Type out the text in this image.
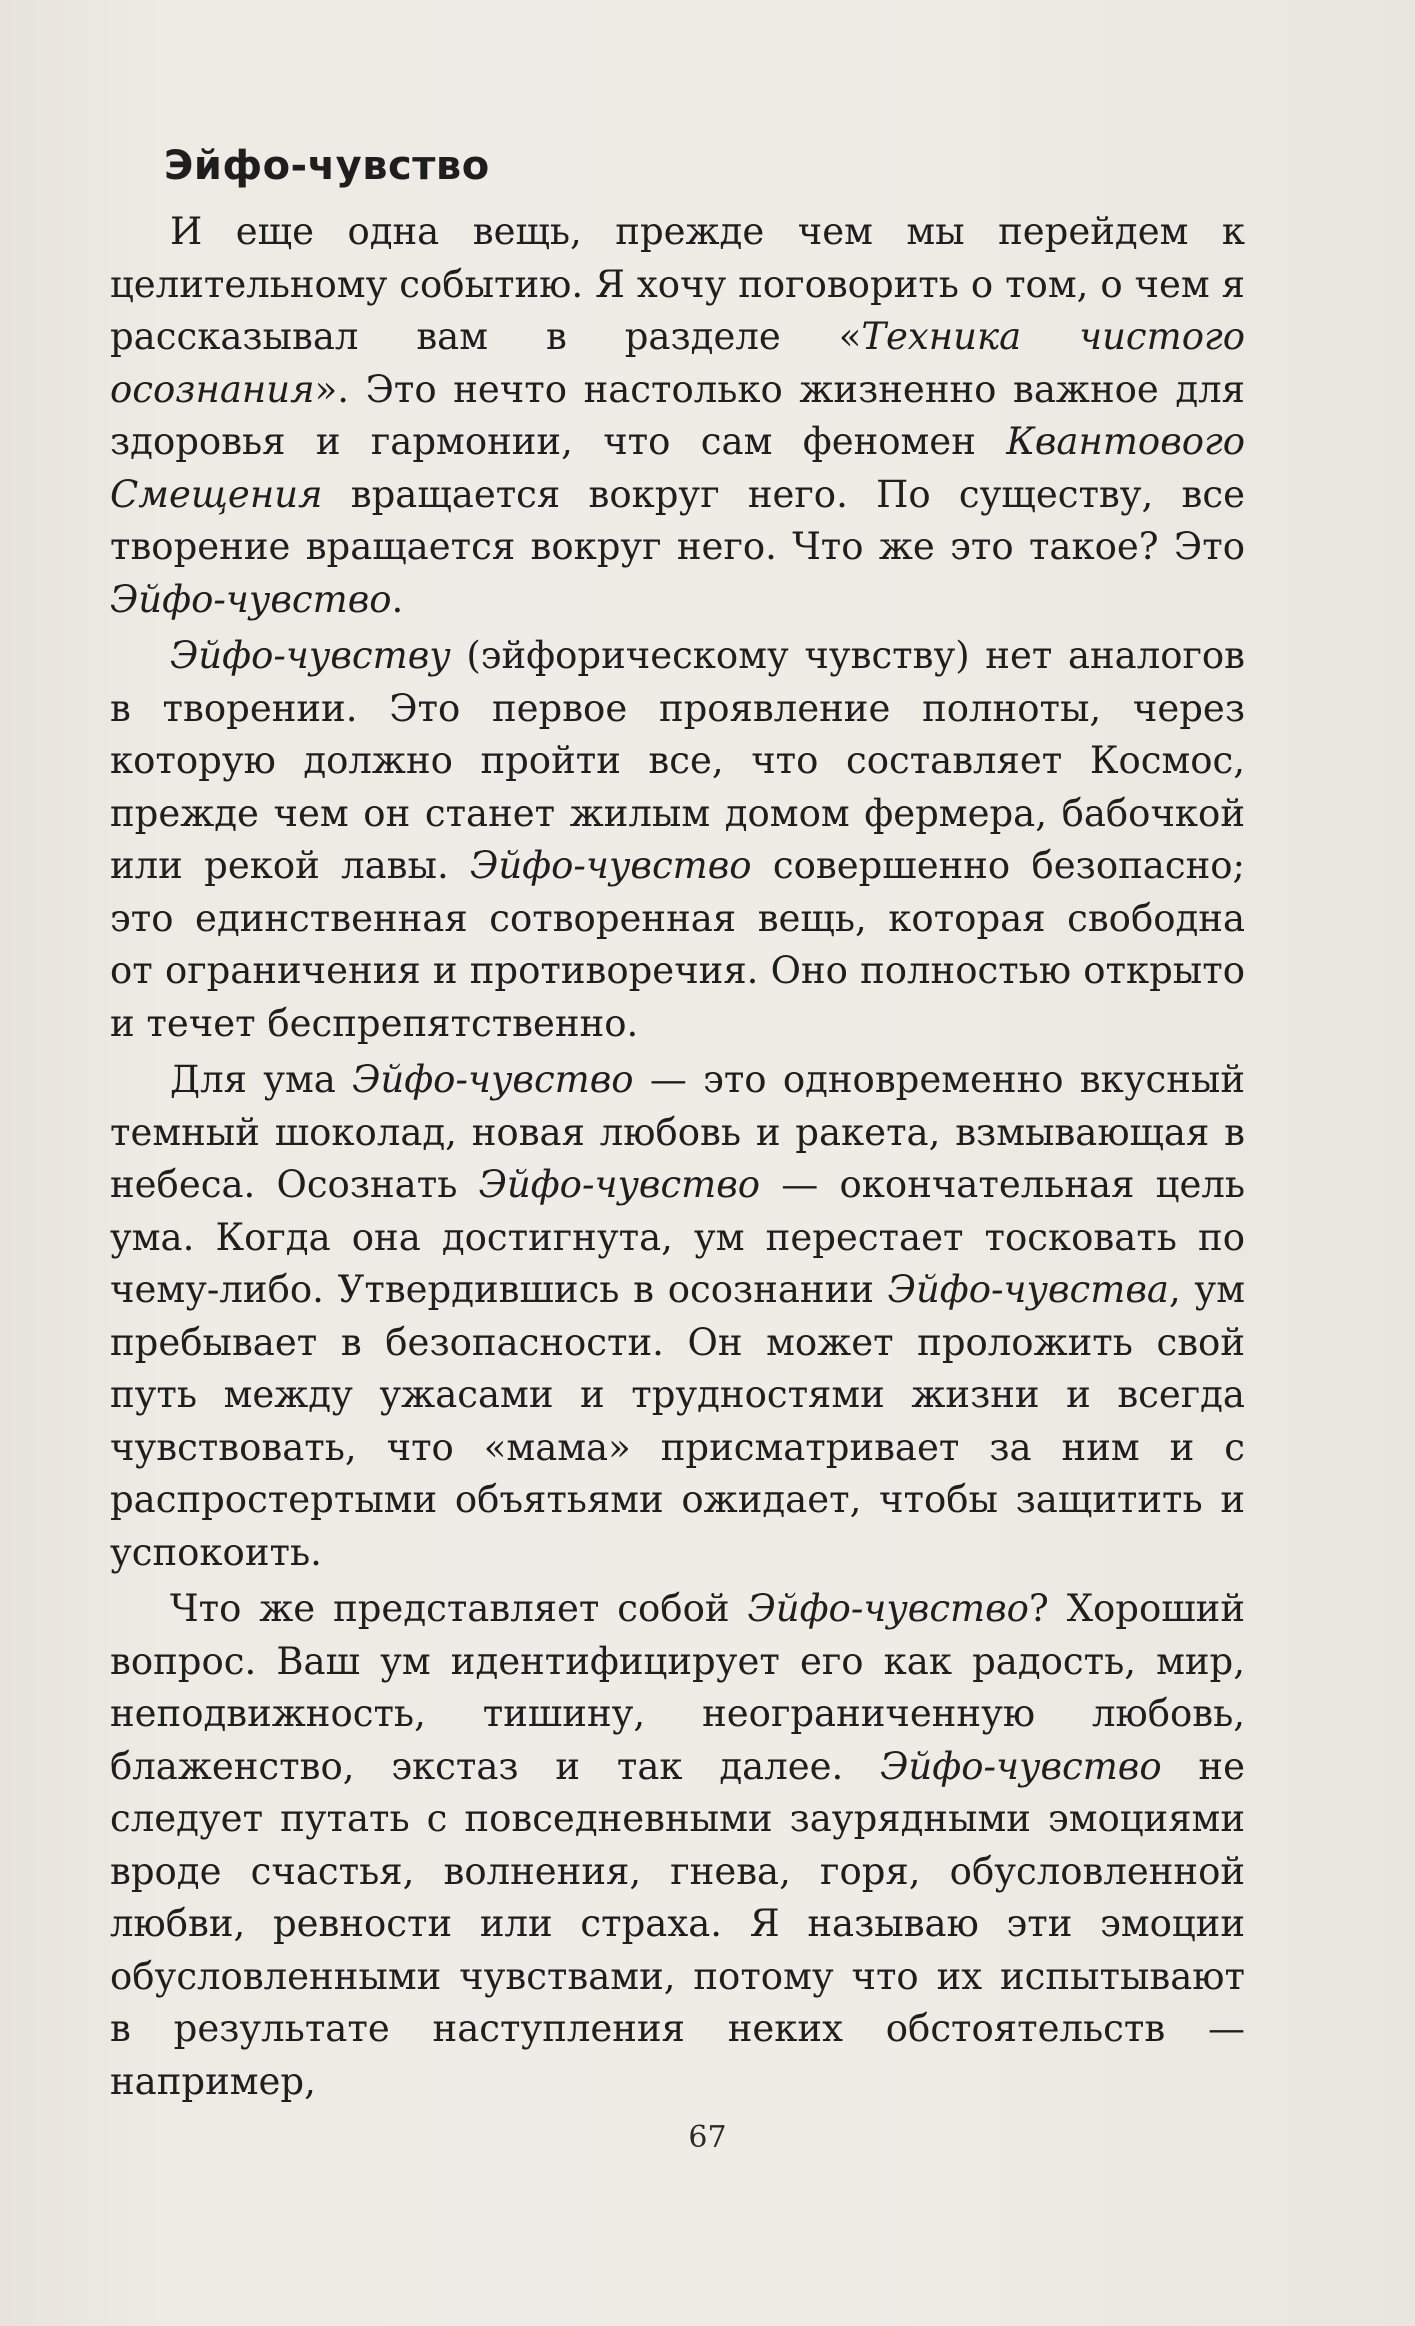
Эйфо-чувство

И еще одна вещь, прежде чем мы перейдем к целительному событию. Я хочу поговорить о том, о чем я рассказывал вам в разделе «Техника чистого осознания». Это нечто настолько жизненно важное для здоровья и гармонии, что сам феномен Квантового Смещения вращается вокруг него. По существу, все творение вращается вокруг него. Что же это такое? Это Эйфо-чувство.

Эйфо-чувству (эйфорическому чувству) нет аналогов в творении. Это первое проявление полноты, через которую должно пройти все, что составляет Космос, прежде чем он станет жилым домом фермера, бабочкой или рекой лавы. Эйфо-чувство совершенно безопасно; это единственная сотворенная вещь, которая свободна от ограничения и противоречия. Оно полностью открыто и течет беспрепятственно.

Для ума Эйфо-чувство — это одновременно вкусный темный шоколад, новая любовь и ракета, взмывающая в небеса. Осознать Эйфо-чувство — окончательная цель ума. Когда она достигнута, ум перестает тосковать по чему-либо. Утвердившись в осознании Эйфо-чувства, ум пребывает в безопасности. Он может проложить свой путь между ужасами и трудностями жизни и всегда чувствовать, что «мама» присматривает за ним и с распростертыми объятьями ожидает, чтобы защитить и успокоить.

Что же представляет собой Эйфо-чувство? Хороший вопрос. Ваш ум идентифицирует его как радость, мир, неподвижность, тишину, неограниченную любовь, блаженство, экстаз и так далее. Эйфо-чувство не следует путать с повседневными заурядными эмоциями вроде счастья, волнения, гнева, горя, обусловленной любви, ревности или страха. Я называю эти эмоции обусловленными чувствами, потому что их испытывают в результате наступления неких обстоятельств — например,

67
